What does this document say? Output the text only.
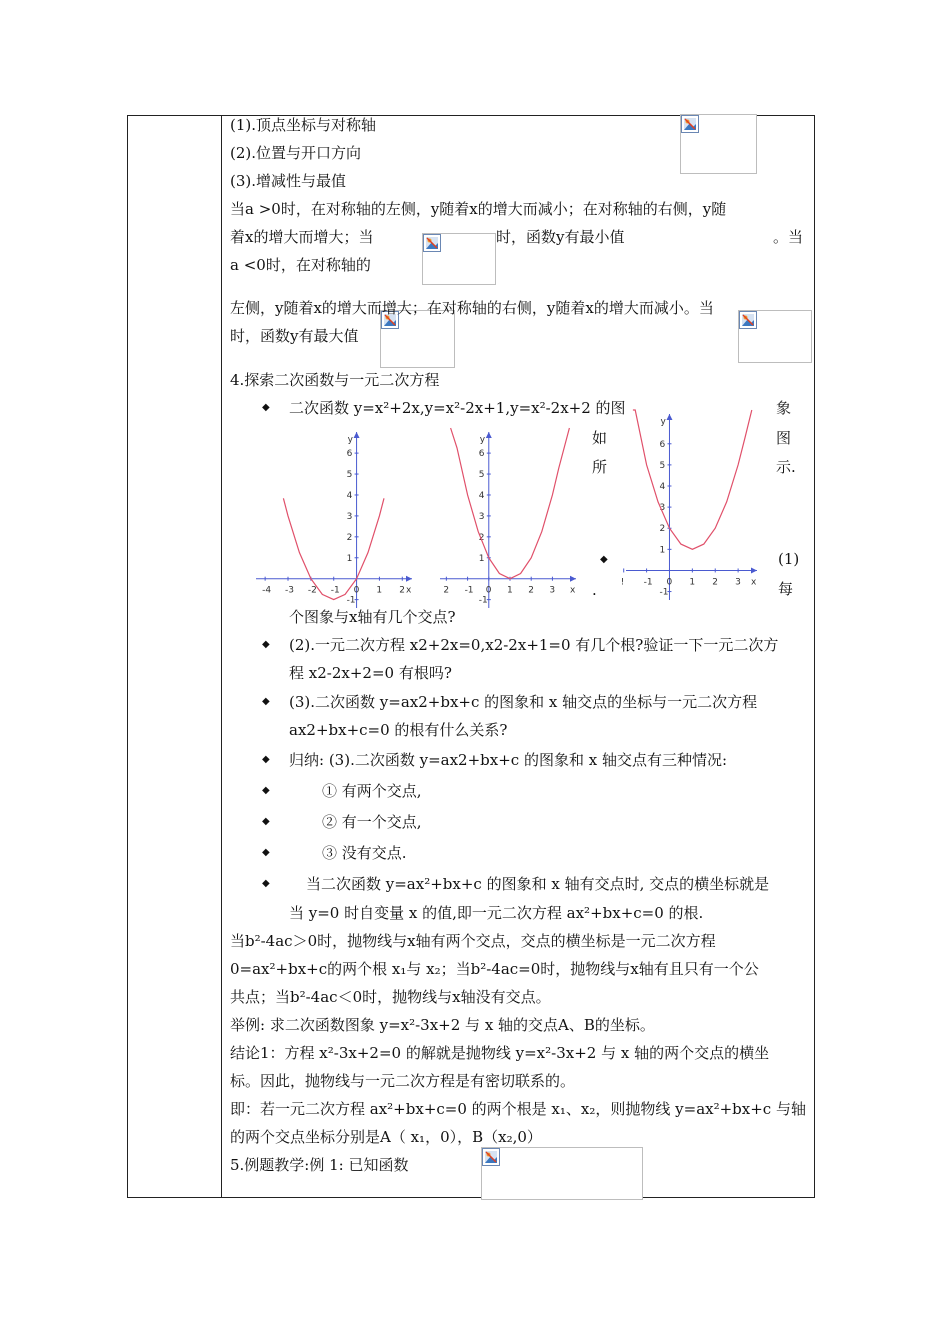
(1).顶点坐标与对称轴
(2).位置与开口方向
(3).增减性与最值
当a >0时，在对称轴的左侧，y随着x的增大而减小；在对称轴的右侧，y随
着x的增大而增大；当	时，函数y有最小值	。当
a <0时，在对称轴的
左侧，y随着x的增大而增大；在对称轴的右侧，y随着x的增大而减小。当
时，函数y有最大值
4.探索二次函数与一元二次方程
◆ 二次函数 y=x²+2x,y=x²-2x+1,y=x²-2x+2 的图	象
如	图
所	示.
x
y
-4 -3 -2 -1 0 1 2
-1
1
2
3
4
5
6
x
y
2 -1 0 1 2 3
-1
1
2
3
4
5
6
x
y
! -1 0 1 2 3
-1
1
2
3
4
5
6
◆	(1)
.	每
个图象与x轴有几个交点?
◆ (2).一元二次方程 x2+2x=0,x2-2x+1=0 有几个根?验证一下一元二次方
程 x2-2x+2=0 有根吗?
◆ (3).二次函数 y=ax2+bx+c 的图象和 x 轴交点的坐标与一元二次方程
ax2+bx+c=0 的根有什么关系?
◆ 归纳: (3).二次函数 y=ax2+bx+c 的图象和 x 轴交点有三种情况:
◆	① 有两个交点,
◆	② 有一个交点,
◆	③ 没有交点.
◆ 当二次函数 y=ax²+bx+c 的图象和 x 轴有交点时, 交点的横坐标就是
当 y=0 时自变量 x 的值,即一元二次方程 ax²+bx+c=0 的根.
当b²-4ac＞0时，抛物线与x轴有两个交点，交点的横坐标是一元二次方程
0=ax²+bx+c的两个根 x₁与 x₂；当b²-4ac=0时，抛物线与x轴有且只有一个公
共点；当b²-4ac＜0时，抛物线与x轴没有交点。
举例: 求二次函数图象 y=x²-3x+2 与 x 轴的交点A、B的坐标。
结论1：方程 x²-3x+2=0 的解就是抛物线 y=x²-3x+2 与 x 轴的两个交点的横坐
标。因此，抛物线与一元二次方程是有密切联系的。
即：若一元二次方程 ax²+bx+c=0 的两个根是 x₁、x₂，则抛物线 y=ax²+bx+c 与轴
的两个交点坐标分别是A（ x₁，0），B（x₂,0）
5.例题教学:例 1: 已知函数
